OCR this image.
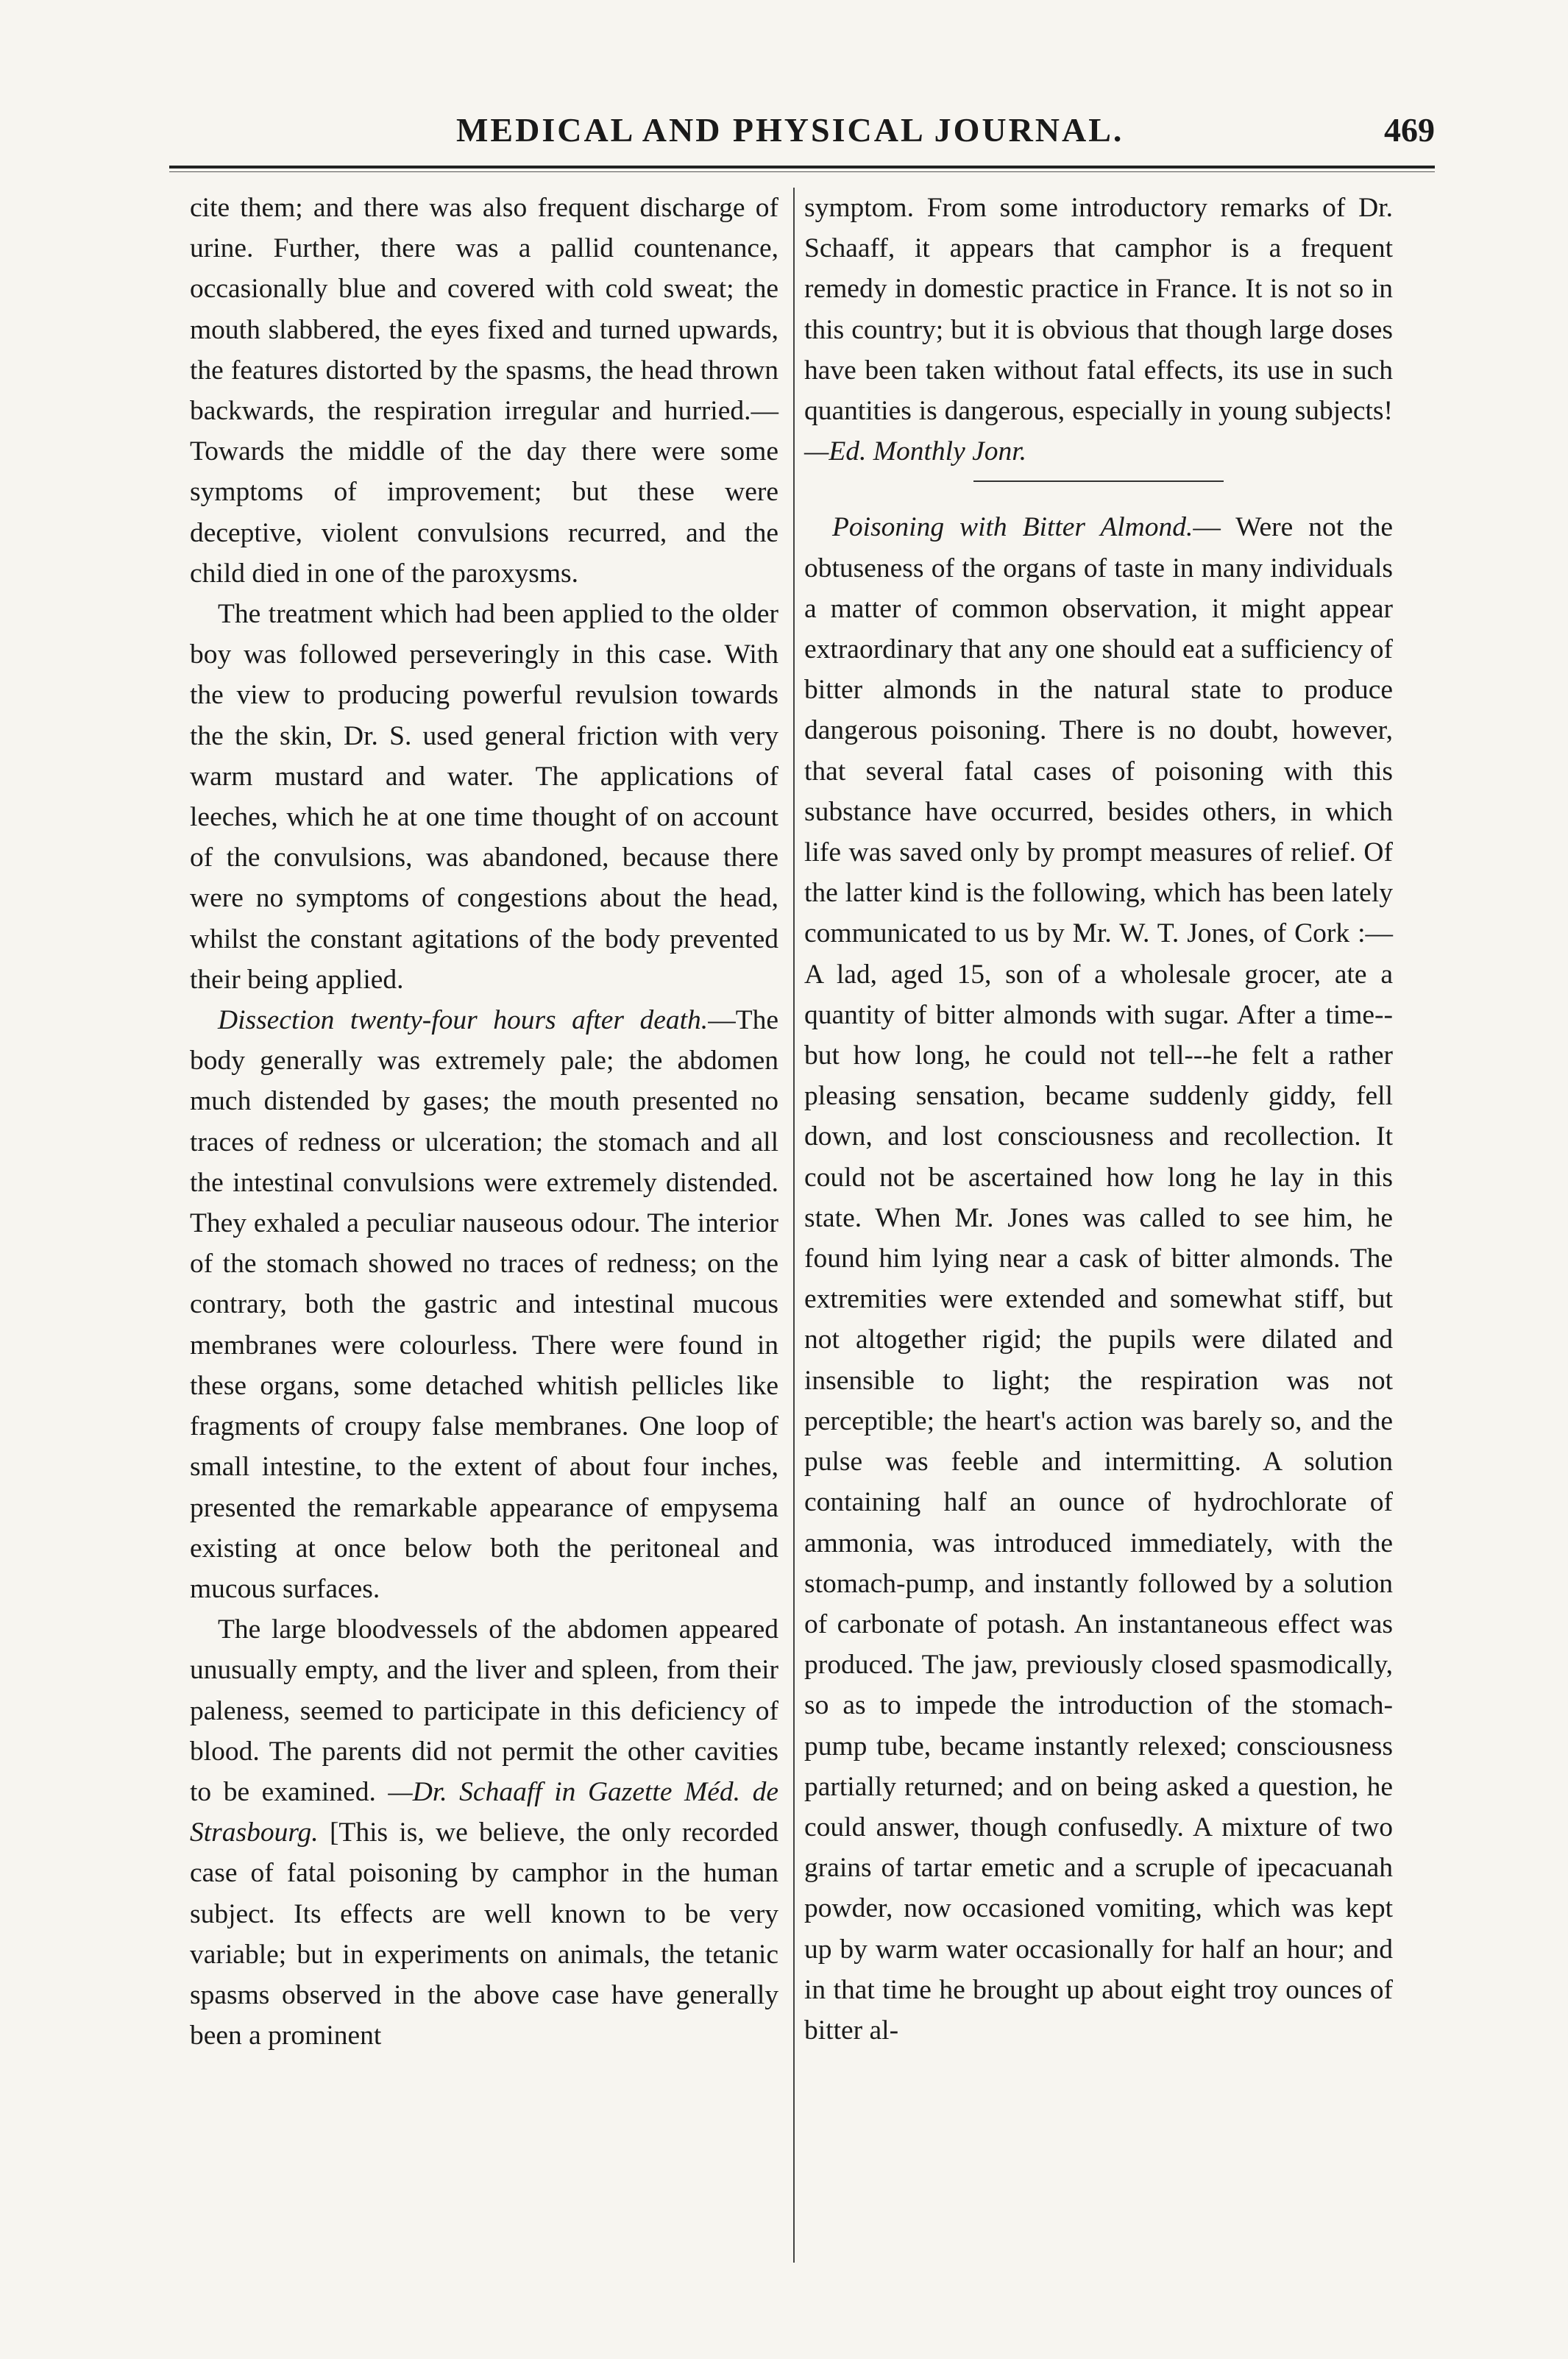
MEDICAL AND PHYSICAL JOURNAL.	469

cite them; and there was also frequent discharge of urine. Further, there was a pallid countenance, occasionally blue and covered with cold sweat; the mouth slabbered, the eyes fixed and turned upwards, the features distorted by the spasms, the head thrown backwards, the respiration irregular and hurried.— Towards the middle of the day there were some symptoms of improvement; but these were deceptive, violent convulsions recurred, and the child died in one of the paroxysms.

The treatment which had been applied to the older boy was followed perseveringly in this case. With the view to producing powerful revulsion towards the the skin, Dr. S. used general friction with very warm mustard and water. The applications of leeches, which he at one time thought of on account of the convulsions, was abandoned, because there were no symptoms of congestions about the head, whilst the constant agitations of the body prevented their being applied.

Dissection twenty-four hours after death.—The body generally was extremely pale; the abdomen much distended by gases; the mouth presented no traces of redness or ulceration; the stomach and all the intestinal convulsions were extremely distended. They exhaled a peculiar nauseous odour. The interior of the stomach showed no traces of redness; on the contrary, both the gastric and intestinal mucous membranes were colourless. There were found in these organs, some detached whitish pellicles like fragments of croupy false membranes. One loop of small intestine, to the extent of about four inches, presented the remarkable appearance of empysema existing at once below both the peritoneal and mucous surfaces.

The large bloodvessels of the abdomen appeared unusually empty, and the liver and spleen, from their paleness, seemed to participate in this deficiency of blood. The parents did not permit the other cavities to be examined. —Dr. Schaaff in Gazette Méd. de Strasbourg. [This is, we believe, the only recorded case of fatal poisoning by camphor in the human subject. Its effects are well known to be very variable; but in experiments on animals, the tetanic spasms observed in the above case have generally been a prominent

symptom. From some introductory remarks of Dr. Schaaff, it appears that camphor is a frequent remedy in domestic practice in France. It is not so in this country; but it is obvious that though large doses have been taken without fatal effects, its use in such quantities is dangerous, especially in young subjects!—Ed. Monthly Jonr.

Poisoning with Bitter Almond.— Were not the obtuseness of the organs of taste in many individuals a matter of common observation, it might appear extraordinary that any one should eat a sufficiency of bitter almonds in the natural state to produce dangerous poisoning. There is no doubt, however, that several fatal cases of poisoning with this substance have occurred, besides others, in which life was saved only by prompt measures of relief. Of the latter kind is the following, which has been lately communicated to us by Mr. W. T. Jones, of Cork :—A lad, aged 15, son of a wholesale grocer, ate a quantity of bitter almonds with sugar. After a time-- but how long, he could not tell---he felt a rather pleasing sensation, became suddenly giddy, fell down, and lost consciousness and recollection. It could not be ascertained how long he lay in this state. When Mr. Jones was called to see him, he found him lying near a cask of bitter almonds. The extremities were extended and somewhat stiff, but not altogether rigid; the pupils were dilated and insensible to light; the respiration was not perceptible; the heart's action was barely so, and the pulse was feeble and intermitting. A solution containing half an ounce of hydrochlorate of ammonia, was introduced immediately, with the stomach-pump, and instantly followed by a solution of carbonate of potash. An instantaneous effect was produced. The jaw, previously closed spasmodically, so as to impede the introduction of the stomach-pump tube, became instantly relexed; consciousness partially returned; and on being asked a question, he could answer, though confusedly. A mixture of two grains of tartar emetic and a scruple of ipecacuanah powder, now occasioned vomiting, which was kept up by warm water occasionally for half an hour; and in that time he brought up about eight troy ounces of bitter al-
